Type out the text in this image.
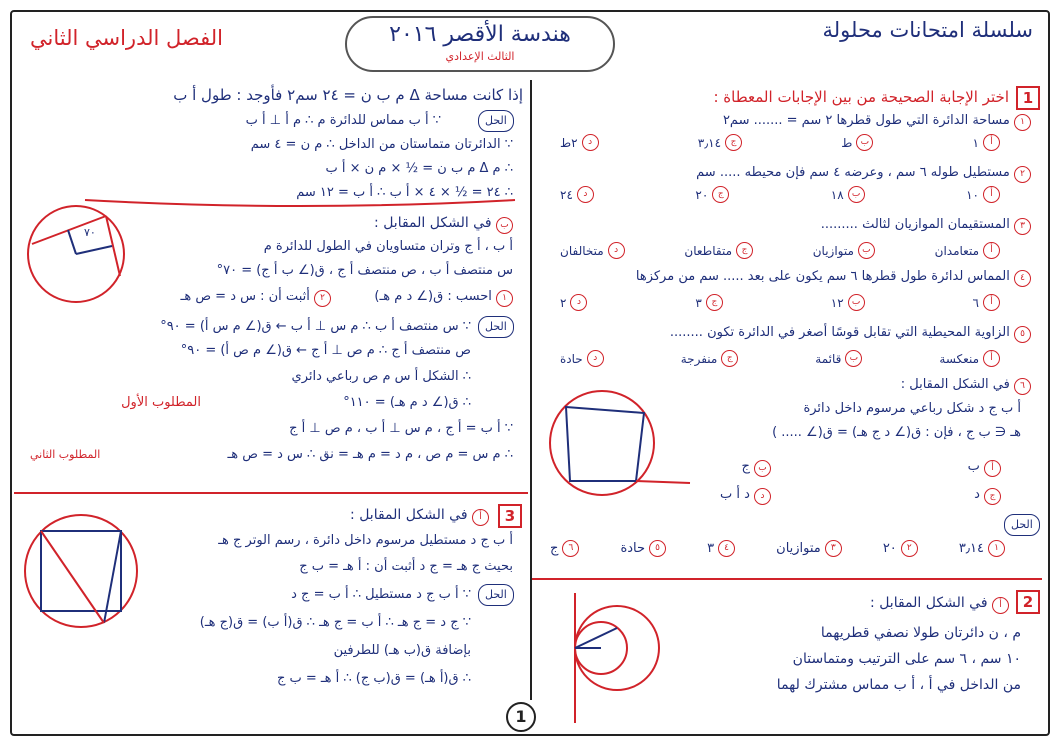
سلسلة امتحانات محلولة
هندسة الأقصر ٢٠١٦
الثالث الإعدادي
الفصل الدراسي الثاني
1
اختر الإجابة الصحيحة من بين الإجابات المعطاة :
١ مساحة الدائرة التي طول قطرها ٢ سم = ....... سم٢
أ
١
ب
ط
ج
٣٫١٤
د
٢ط
٢ مستطيل طوله ٦ سم ، وعرضه ٤ سم فإن محيطه ..... سم
أ
١٠
ب
١٨
ج
٢٠
د
٢٤
٣ المستقيمان الموازيان لثالث .........
أ
متعامدان
ب
متوازيان
ج
متقاطعان
د
متخالفان
٤ المماس لدائرة طول قطرها ٦ سم يكون على بعد ..... سم من مركزها
أ
٦
ب
١٢
ج
٣
د
٢
٥ الزاوية المحيطية التي تقابل قوسًا أصغر في الدائرة تكون ........
أ
منعكسة
ب
قائمة
ج
منفرجة
د
حادة
٦ في الشكل المقابل :
أ ب ج د شكل رباعي مرسوم داخل دائرة
هـ ∈ ب ج ، فإن : ق(∠ د ج هـ) = ق(∠ ..... )
أ ب
ب ج
ج د
د د أ ب
الحل
١
٣٫١٤
٢
٢٠
٣
متوازيان
٤
٣
٥
حادة
٦
ج
2
أ في الشكل المقابل :
م ، ن دائرتان طولا نصفي قطريهما
١٠ سم ، ٦ سم على الترتيب ومتماستان
من الداخل في أ ، أ ب مماس مشترك لهما
إذا كانت مساحة Δ م ب ن = ٢٤ سم٢ فأوجد : طول أ ب
الحل
∵ أ ب مماس للدائرة م ∴ م أ ⊥ أ ب
∵ الدائرتان متماستان من الداخل ∴ م ن = ٤ سم
∴ م Δ م ب ن = ½ × م ن × أ ب
∴ ٢٤ = ½ × ٤ × أ ب ∴ أ ب = ١٢ سم
ب في الشكل المقابل :
أ ب ، أ ج وتران متساويان في الطول للدائرة م
س منتصف أ ب ، ص منتصف أ ج ، ق(∠ ب أ ج) = ٧٠°
١ احسب : ق(∠ د م هـ)
٢ أثبت أن : س د = ص هـ
الحل
∵ س منتصف أ ب ∴ م س ⊥ أ ب ← ق(∠ م س أ) = ٩٠°
ص منتصف أ ج ∴ م ص ⊥ أ ج ← ق(∠ م ص أ) = ٩٠°
∴ الشكل أ س م ص رباعي دائري
∴ ق(∠ د م هـ) = ١١٠°
المطلوب الأول
∵ أ ب = أ ج ، م س ⊥ أ ب ، م ص ⊥ أ ج
∴ م س = م ص ، م د = م هـ = نق ∴ س د = ص هـ
المطلوب الثاني
٧٠
3
أ في الشكل المقابل :
أ ب ج د مستطيل مرسوم داخل دائرة ، رسم الوتر ج هـ
بحيث ج هـ = ج د أثبت أن : أ هـ = ب ج
الحل
∵ أ ب ج د مستطيل ∴ أ ب = ج د
∵ ج د = ج هـ ∴ أ ب = ج هـ ∴ ق(أ ب) = ق(ج هـ)
بإضافة ق(ب هـ) للطرفين
∴ ق(أ هـ) = ق(ب ج) ∴ أ هـ = ب ج
1
